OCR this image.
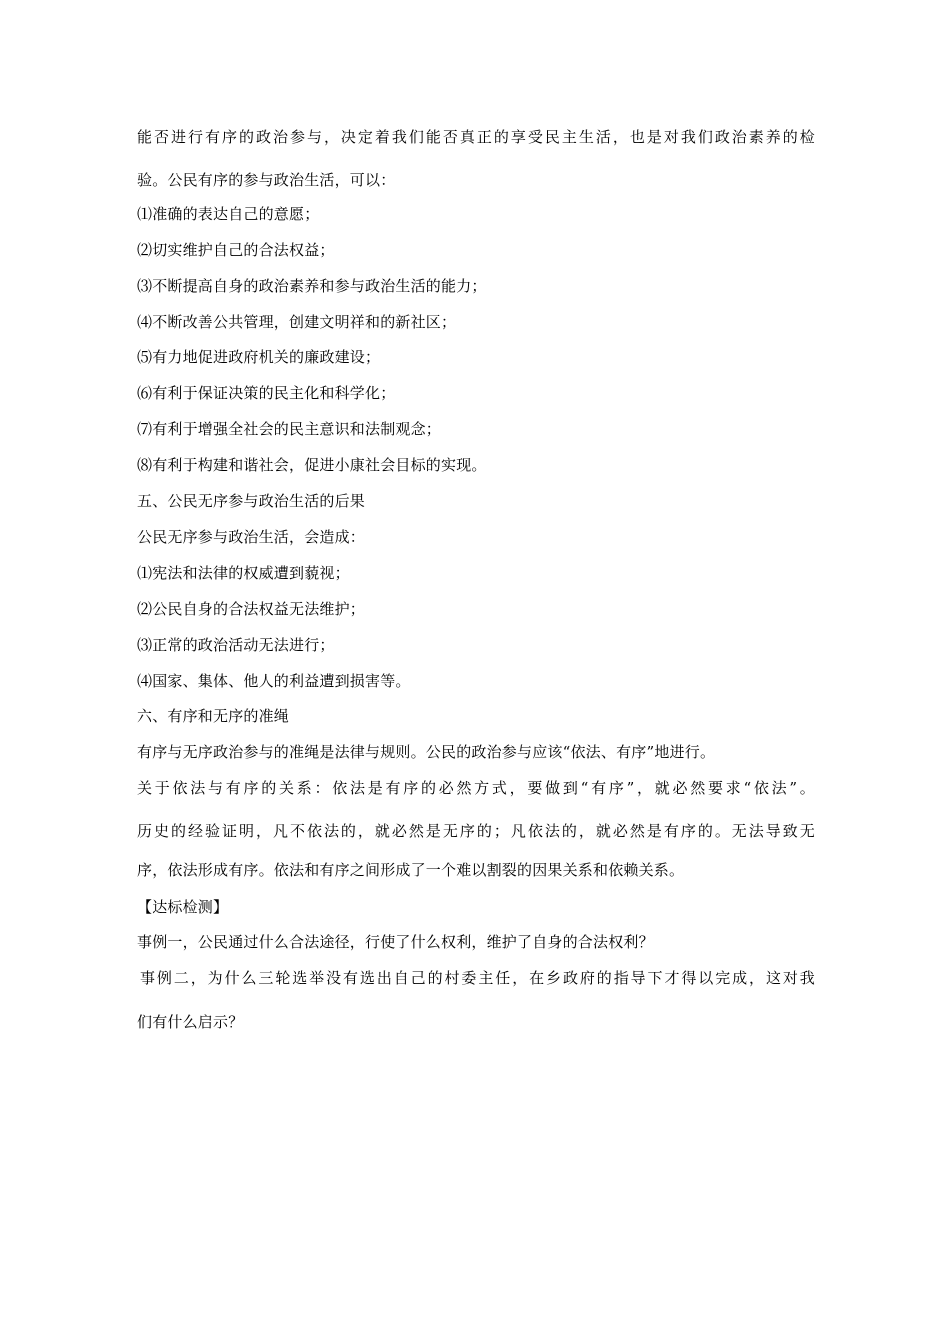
能否进行有序的政治参与，决定着我们能否真正的享受民主生活，也是对我们政治素养的检
验。公民有序的参与政治生活，可以：
⑴准确的表达自己的意愿；
⑵切实维护自己的合法权益；
⑶不断提高自身的政治素养和参与政治生活的能力；
⑷不断改善公共管理，创建文明祥和的新社区；
⑸有力地促进政府机关的廉政建设；
⑹有利于保证决策的民主化和科学化；
⑺有利于增强全社会的民主意识和法制观念；
⑻有利于构建和谐社会，促进小康社会目标的实现。
五、公民无序参与政治生活的后果
公民无序参与政治生活，会造成：
⑴宪法和法律的权威遭到藐视；
⑵公民自身的合法权益无法维护；
⑶正常的政治活动无法进行；
⑷国家、集体、他人的利益遭到损害等。
六、有序和无序的准绳
有序与无序政治参与的准绳是法律与规则。公民的政治参与应该“依法、有序”地进行。
关于依法与有序的关系：依法是有序的必然方式，要做到“有序”，就必然要求“依法”。
历史的经验证明，凡不依法的，就必然是无序的；凡依法的，就必然是有序的。无法导致无
序，依法形成有序。依法和有序之间形成了一个难以割裂的因果关系和依赖关系。
【达标检测】
事例一，公民通过什么合法途径，行使了什么权利，维护了自身的合法权利？
事例二，为什么三轮选举没有选出自己的村委主任，在乡政府的指导下才得以完成，这对我
们有什么启示？
